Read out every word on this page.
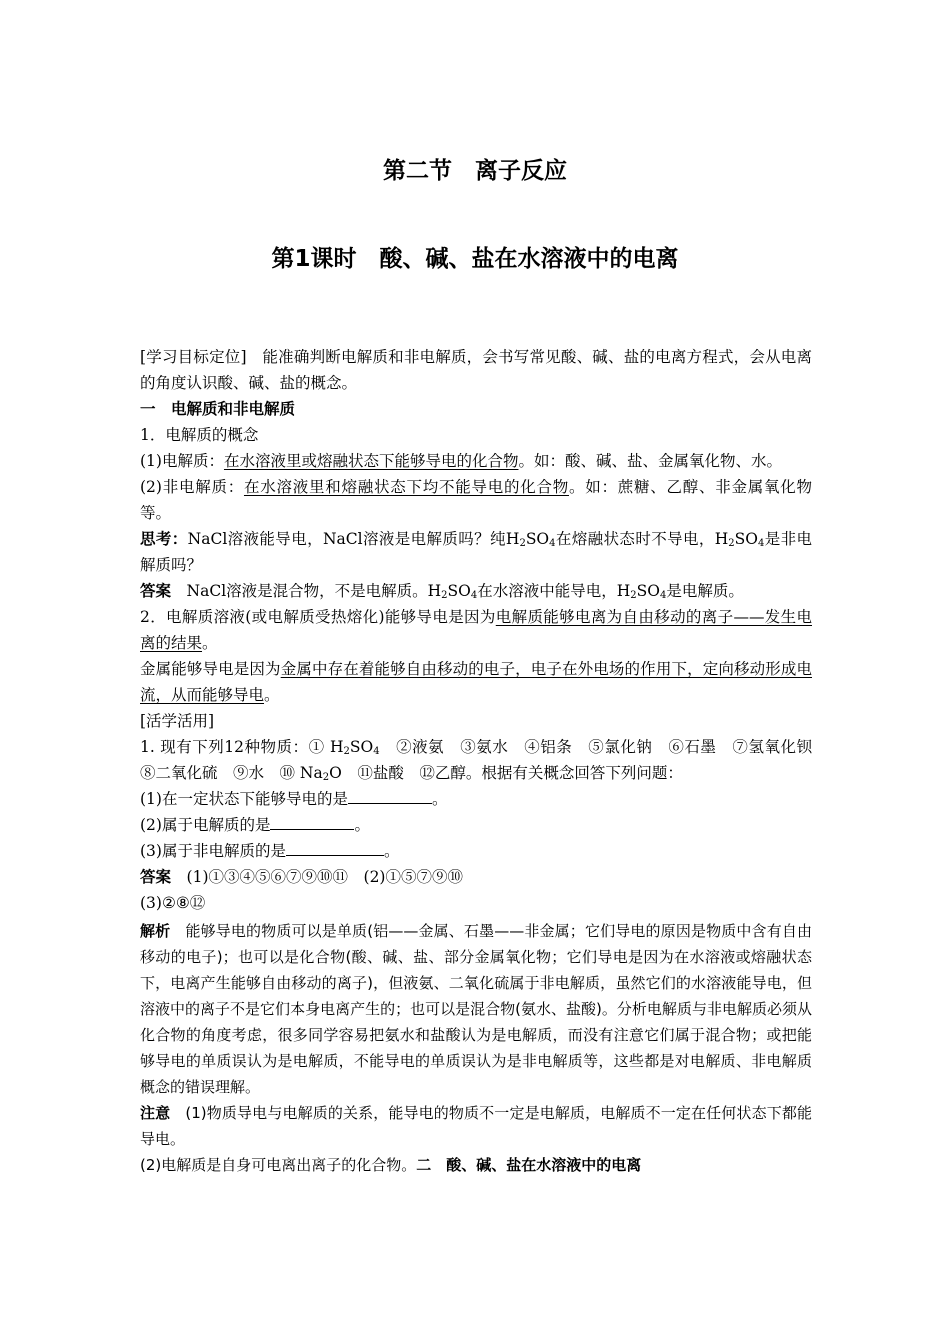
第二节　离子反应
第1课时　酸、碱、盐在水溶液中的电离

[学习目标定位]　 能准确判断电解质和非电解质，会书写常见酸、碱、盐的电离方程式，会从电离的角度认识酸、碱、盐的概念。

一　电解质和非电解质

1．电解质的概念

(1)电解质：在水溶液里或熔融状态下能够导电的化合物。如：酸、碱、盐、金属氧化物、水。

(2)非电解质：在水溶液里和熔融状态下均不能导电的化合物。如：蔗糖、乙醇、非金属氧化物等。

思考：NaCl溶液能导电，NaCl溶液是电解质吗？纯$H_2SO_4$在熔融状态时不导电，$H_2SO_4$是非电解质吗？

答案　 NaCl溶液是混合物，不是电解质。$H_2SO_4$在水溶液中能导电，$H_2SO_4$是电解质。

2．电解质溶液(或电解质受热熔化)能够导电是因为电解质能够电离为自由移动的离子——发生电离的结果。

金属能够导电是因为金属中存在着能够自由移动的电子，电子在外电场的作用下，定向移动形成电流，从而能够导电。

[活学活用]

1. 现有下列12种物质：① $H_2SO_4$　②液氨　③氨水　④铝条　⑤氯化钠　⑥石墨　⑦氢氧化钡　⑧二氧化硫　⑨水　⑩ $Na_2O$　⑪盐酸　⑫乙醇。根据有关概念回答下列问题：

(1)在一定状态下能够导电的是	。

(2)属于电解质的是	。

(3)属于非电解质的是	。

答案　 (1)①③④⑤⑥⑦⑨⑩⑪　 (2)①⑤⑦⑨⑩

(3)②⑧⑫

解析　 能够导电的物质可以是单质(铝——金属、石墨——非金属；它们导电的原因是物质中含有自由移动的电子)；也可以是化合物(酸、碱、盐、部分金属氧化物；它们导电是因为在水溶液或熔融状态下，电离产生能够自由移动的离子)，但液氨、二氧化硫属于非电解质，虽然它们的水溶液能导电，但溶液中的离子不是它们本身电离产生的；也可以是混合物(氨水、盐酸)。分析电解质与非电解质必须从化合物的角度考虑，很多同学容易把氨水和盐酸认为是电解质，而没有注意它们属于混合物；或把能够导电的单质误认为是电解质，不能导电的单质误认为是非电解质等，这些都是对电解质、非电解质概念的错误理解。

注意　 (1)物质导电与电解质的关系，能导电的物质不一定是电解质，电解质不一定在任何状态下都能导电。

(2)电解质是自身可电离出离子的化合物。二　酸、碱、盐在水溶液中的电离
